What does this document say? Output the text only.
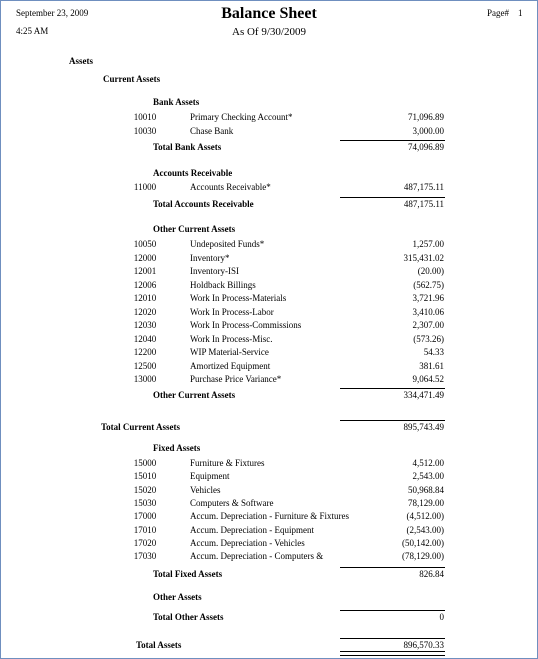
September 23, 2009
4:25 AM
Balance Sheet
As Of 9/30/2009
Page# 1
Assets
Current Assets
Bank Assets
10010	Primary Checking Account*	71,096.89
10030	Chase Bank	3,000.00
Total Bank Assets	74,096.89
Accounts Receivable
11000	Accounts Receivable*	487,175.11
Total Accounts Receivable	487,175.11
Other Current Assets
10050	Undeposited Funds*	1,257.00
12000	Inventory*	315,431.02
12001	Inventory-ISI	(20.00)
12006	Holdback Billings	(562.75)
12010	Work In Process-Materials	3,721.96
12020	Work In Process-Labor	3,410.06
12030	Work In Process-Commissions	2,307.00
12040	Work In Process-Misc.	(573.26)
12200	WIP Material-Service	54.33
12500	Amortized Equipment	381.61
13000	Purchase Price Variance*	9,064.52
Other Current Assets	334,471.49
Total Current Assets	895,743.49
Fixed Assets
15000	Furniture & Fixtures	4,512.00
15010	Equipment	2,543.00
15020	Vehicles	50,968.84
15030	Computers & Software	78,129.00
17000	Accum. Depreciation - Furniture & Fixtures	(4,512.00)
17010	Accum. Depreciation - Equipment	(2,543.00)
17020	Accum. Depreciation - Vehicles	(50,142.00)
17030	Accum. Depreciation - Computers &	(78,129.00)
Total Fixed Assets	826.84
Other Assets
Total Other Assets	0
Total Assets	896,570.33
